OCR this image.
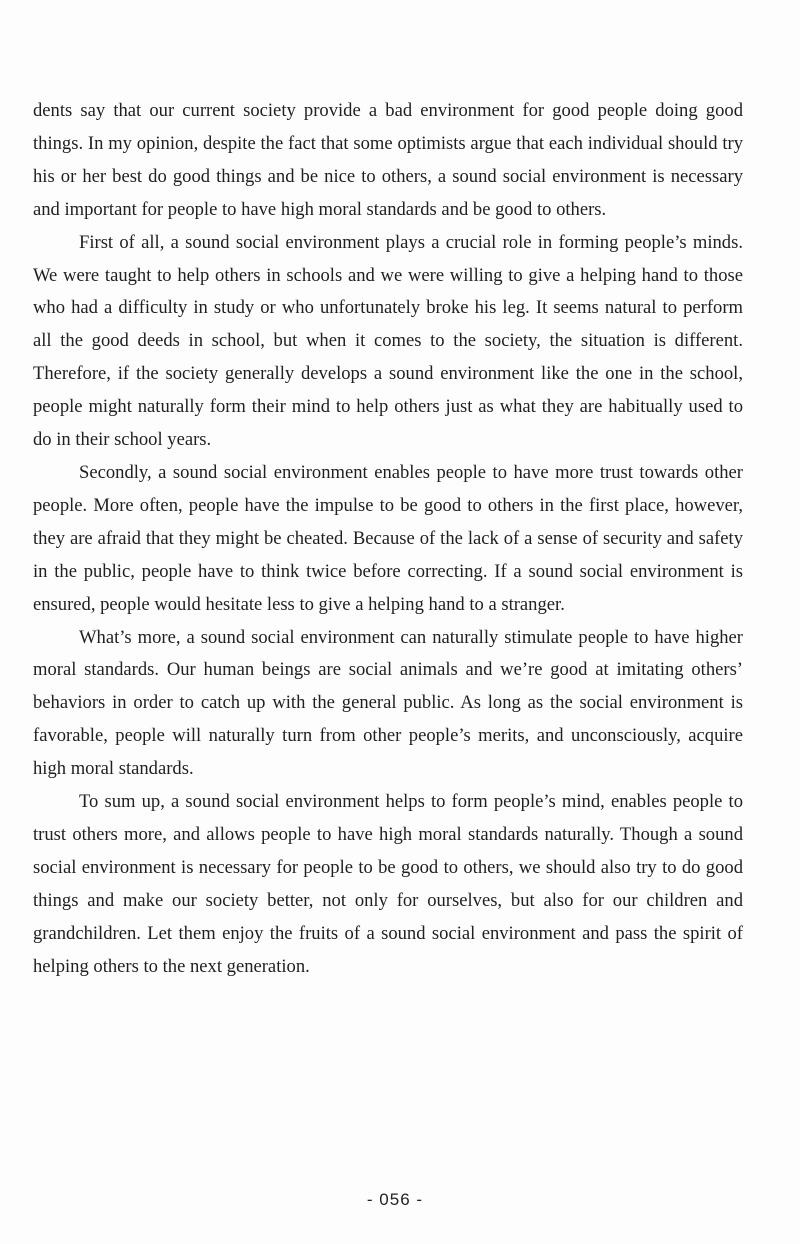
dents say that our current society provide a bad environment for good people doing good things. In my opinion, despite the fact that some optimists argue that each individual should try his or her best do good things and be nice to others, a sound social environment is necessary and important for people to have high moral standards and be good to others.

First of all, a sound social environment plays a crucial role in forming people’s minds. We were taught to help others in schools and we were willing to give a helping hand to those who had a difficulty in study or who unfortunately broke his leg. It seems natural to perform all the good deeds in school, but when it comes to the society, the situation is different. Therefore, if the society generally develops a sound environment like the one in the school, people might naturally form their mind to help others just as what they are habitually used to do in their school years.

Secondly, a sound social environment enables people to have more trust towards other people. More often, people have the impulse to be good to others in the first place, however, they are afraid that they might be cheated. Because of the lack of a sense of security and safety in the public, people have to think twice before correcting. If a sound social environment is ensured, people would hesitate less to give a helping hand to a stranger.

What’s more, a sound social environment can naturally stimulate people to have higher moral standards. Our human beings are social animals and we’re good at imitating others’ behaviors in order to catch up with the general public. As long as the social environment is favorable, people will naturally turn from other people’s merits, and unconsciously, acquire high moral standards.

To sum up, a sound social environment helps to form people’s mind, enables people to trust others more, and allows people to have high moral standards naturally. Though a sound social environment is necessary for people to be good to others, we should also try to do good things and make our society better, not only for ourselves, but also for our children and grandchildren. Let them enjoy the fruits of a sound social environment and pass the spirit of helping others to the next generation.

- 056 -
